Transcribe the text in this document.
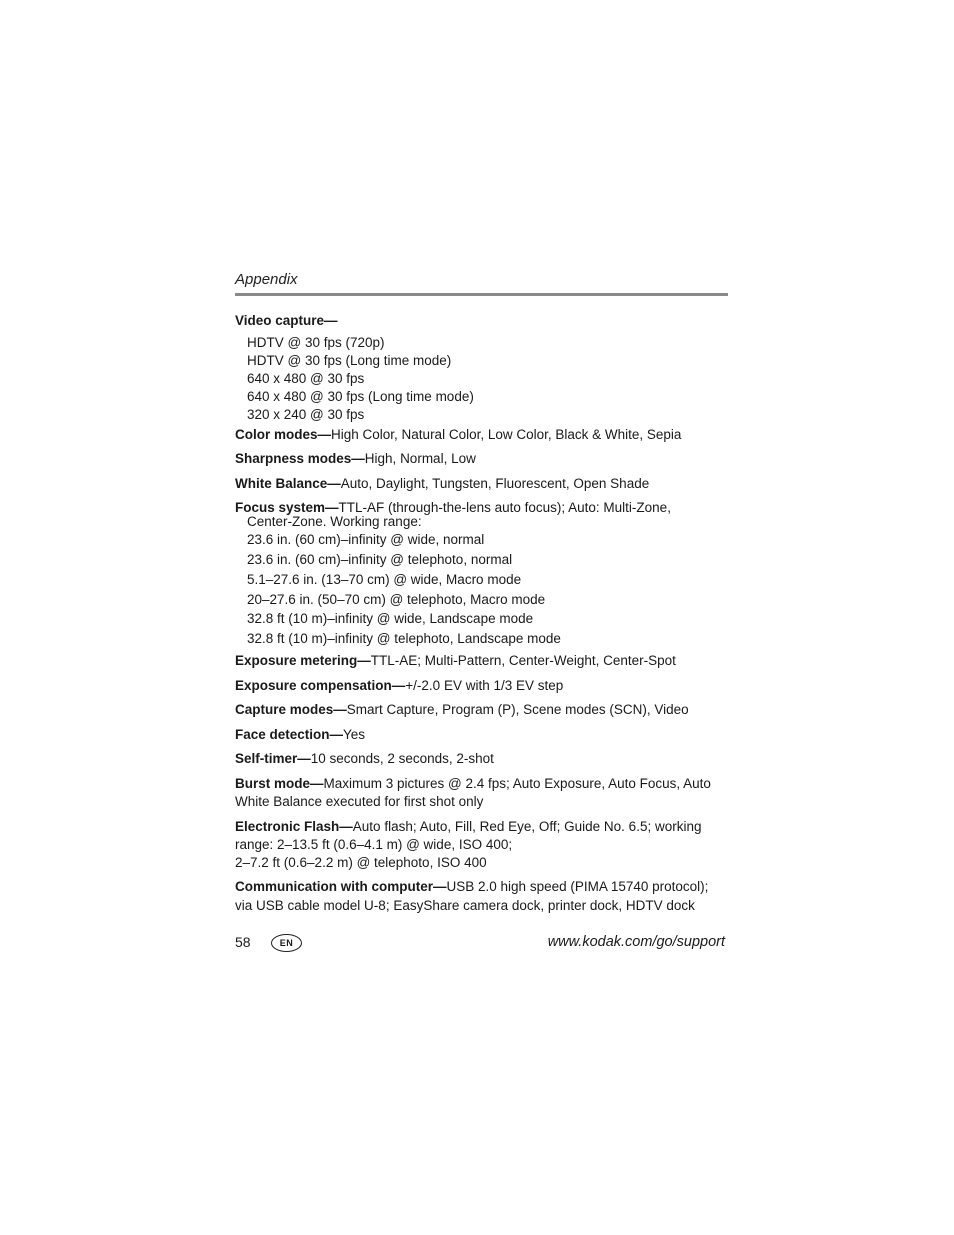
Appendix
Video capture—
HDTV @ 30 fps (720p)
HDTV @ 30 fps (Long time mode)
640 x 480 @ 30 fps
640 x 480 @ 30 fps (Long time mode)
320 x 240 @ 30 fps
Color modes—High Color, Natural Color, Low Color, Black & White, Sepia
Sharpness modes—High, Normal, Low
White Balance—Auto, Daylight, Tungsten, Fluorescent, Open Shade
Focus system—TTL-AF (through-the-lens auto focus); Auto: Multi-Zone,
Center-Zone. Working range:
23.6 in. (60 cm)–infinity @ wide, normal
23.6 in. (60 cm)–infinity @ telephoto, normal
5.1–27.6 in. (13–70 cm) @ wide, Macro mode
20–27.6 in. (50–70 cm) @ telephoto, Macro mode
32.8 ft (10 m)–infinity @ wide, Landscape mode
32.8 ft (10 m)–infinity @ telephoto, Landscape mode
Exposure metering—TTL-AE; Multi-Pattern, Center-Weight, Center-Spot
Exposure compensation—+/-2.0 EV with 1/3 EV step
Capture modes—Smart Capture, Program (P), Scene modes (SCN), Video
Face detection—Yes
Self-timer—10 seconds, 2 seconds, 2-shot
Burst mode—Maximum 3 pictures @ 2.4 fps; Auto Exposure, Auto Focus, Auto
White Balance executed for first shot only
Electronic Flash—Auto flash; Auto, Fill, Red Eye, Off; Guide No. 6.5; working
range: 2–13.5 ft (0.6–4.1 m) @ wide, ISO 400;
2–7.2 ft (0.6–2.2 m) @ telephoto, ISO 400
Communication with computer—USB 2.0 high speed (PIMA 15740 protocol);
via USB cable model U-8; EasyShare camera dock, printer dock, HDTV dock
58	EN	www.kodak.com/go/support
